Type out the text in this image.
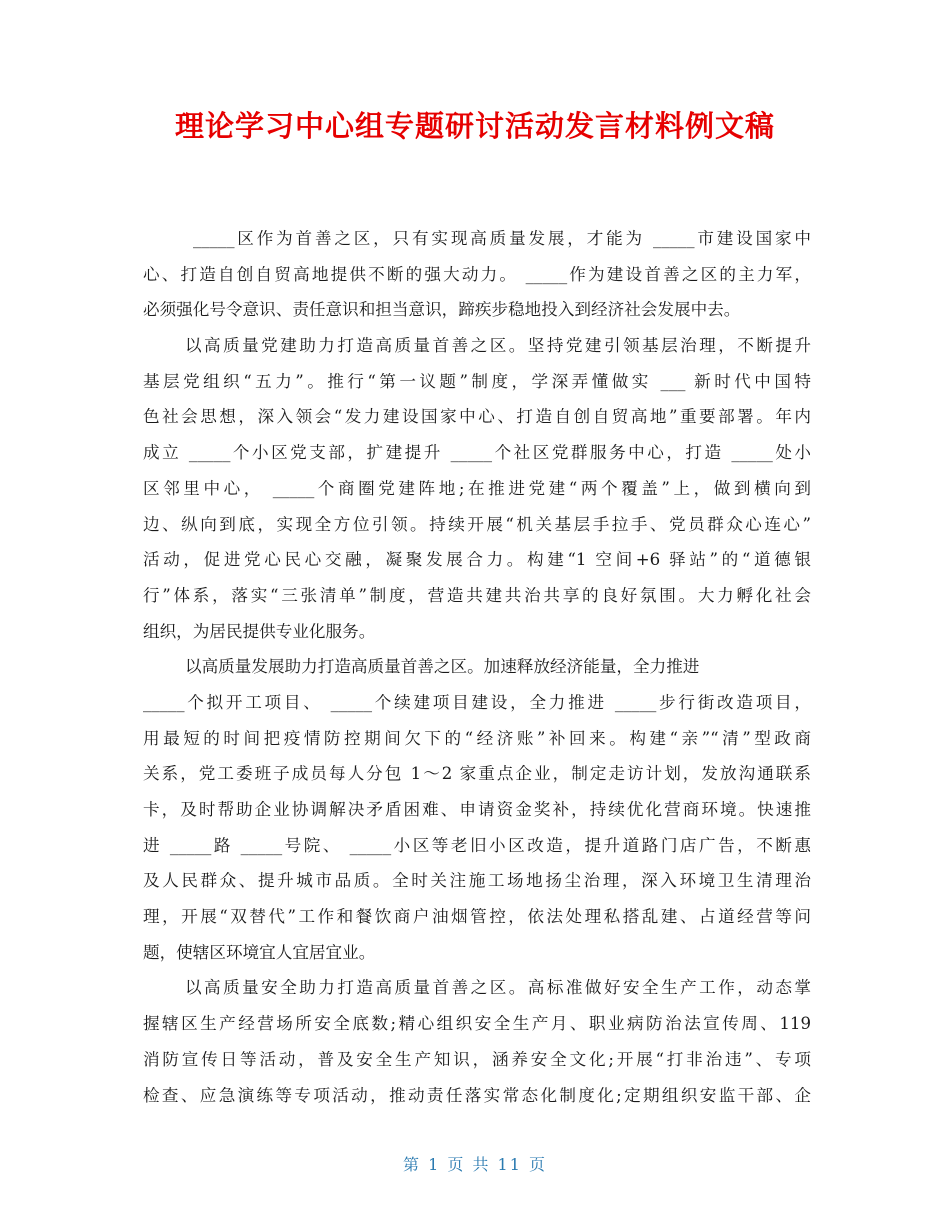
理论学习中心组专题研讨活动发言材料例文稿
_____区作为首善之区，只有实现高质量发展，才能为 _____市建设国家中
心、打造自创自贸高地提供不断的强大动力。 _____作为建设首善之区的主力军，
必须强化号令意识、责任意识和担当意识，蹄疾步稳地投入到经济社会发展中去。
以高质量党建助力打造高质量首善之区。坚持党建引领基层治理，不断提升
基层党组织“五力”。推行“第一议题”制度，学深弄懂做实 ___ 新时代中国特
色社会思想，深入领会“发力建设国家中心、打造自创自贸高地”重要部署。年内
成立 _____个小区党支部，扩建提升 _____个社区党群服务中心，打造 _____处小
区邻里中心， _____个商圈党建阵地;在推进党建“两个覆盖”上，做到横向到
边、纵向到底，实现全方位引领。持续开展“机关基层手拉手、党员群众心连心”
活动，促进党心民心交融，凝聚发展合力。构建“1 空间+6 驿站”的“道德银
行”体系，落实“三张清单”制度，营造共建共治共享的良好氛围。大力孵化社会
组织，为居民提供专业化服务。
以高质量发展助力打造高质量首善之区。加速释放经济能量，全力推进
_____个拟开工项目、 _____个续建项目建设，全力推进 _____步行街改造项目，
用最短的时间把疫情防控期间欠下的“经济账”补回来。构建“亲”“清”型政商
关系，党工委班子成员每人分包 1～2 家重点企业，制定走访计划，发放沟通联系
卡，及时帮助企业协调解决矛盾困难、申请资金奖补，持续优化营商环境。快速推
进 _____路 _____号院、 _____小区等老旧小区改造，提升道路门店广告，不断惠
及人民群众、提升城市品质。全时关注施工场地扬尘治理，深入环境卫生清理治
理，开展“双替代”工作和餐饮商户油烟管控，依法处理私搭乱建、占道经营等问
题，使辖区环境宜人宜居宜业。
以高质量安全助力打造高质量首善之区。高标准做好安全生产工作，动态掌
握辖区生产经营场所安全底数;精心组织安全生产月、职业病防治法宣传周、119
消防宣传日等活动，普及安全生产知识，涵养安全文化;开展“打非治违”、专项
检查、应急演练等专项活动，推动责任落实常态化制度化;定期组织安监干部、企
第 1 页 共 11 页
